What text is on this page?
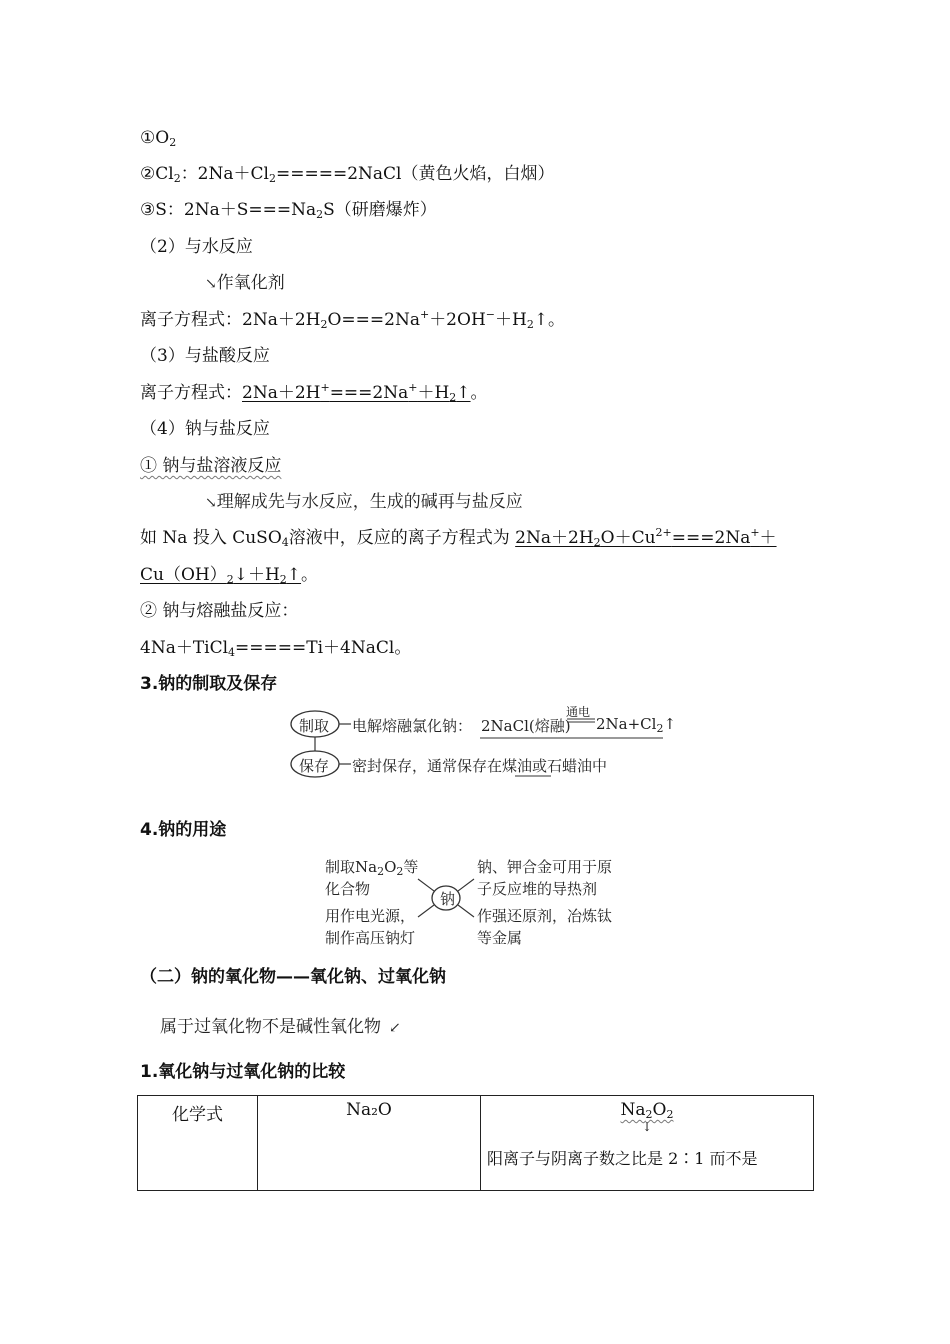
$①O_2$
$②Cl_2$：$2Na+Cl_2=====2NaCl$（黄色火焰，白烟）
③S：$2Na+S===Na_2S$（研磨爆炸）
（2）与水反应
↘作氧化剂
离子方程式：$2Na+2H_2O===2Na^++2OH^-+H_2↑$。
（3）与盐酸反应
离子方程式：$2Na+2H^+===2Na^++H_2↑$。
（4）钠与盐反应
① 钠与盐溶液反应
↘理解成先与水反应，生成的碱再与盐反应
如 Na 投入 CuSO$_4$溶液中，反应的离子方程式为 $2Na+2H_2O+Cu^{2+}===2Na^++$
$Cu(OH)_2↓+H_2↑$。
② 钠与熔融盐反应：
4Na＋TiCl$_4$=====Ti＋4NaCl。
3.钠的制取及保存
制取 电解熔融氯化钠： 2NaCl(熔融)
通电
$2Na+Cl_2↑$
保存 密封保存，通常保存在煤油或石蜡油中
4.钠的用途
钠
制取$Na_2O_2$等
化合物
钠、钾合金可用于原
子反应堆的导热剂
用作电光源，
制作高压钠灯
作强还原剂，冶炼钛
等金属
（二）钠的氧化物——氧化钠、过氧化钠
属于过氧化物不是碱性氧化物 ↙
1.氧化钠与过氧化钠的比较
化学式	Na₂O	$Na_2O_2$
↓
阳离子与阴离子数之比是 2∶1 而不是
